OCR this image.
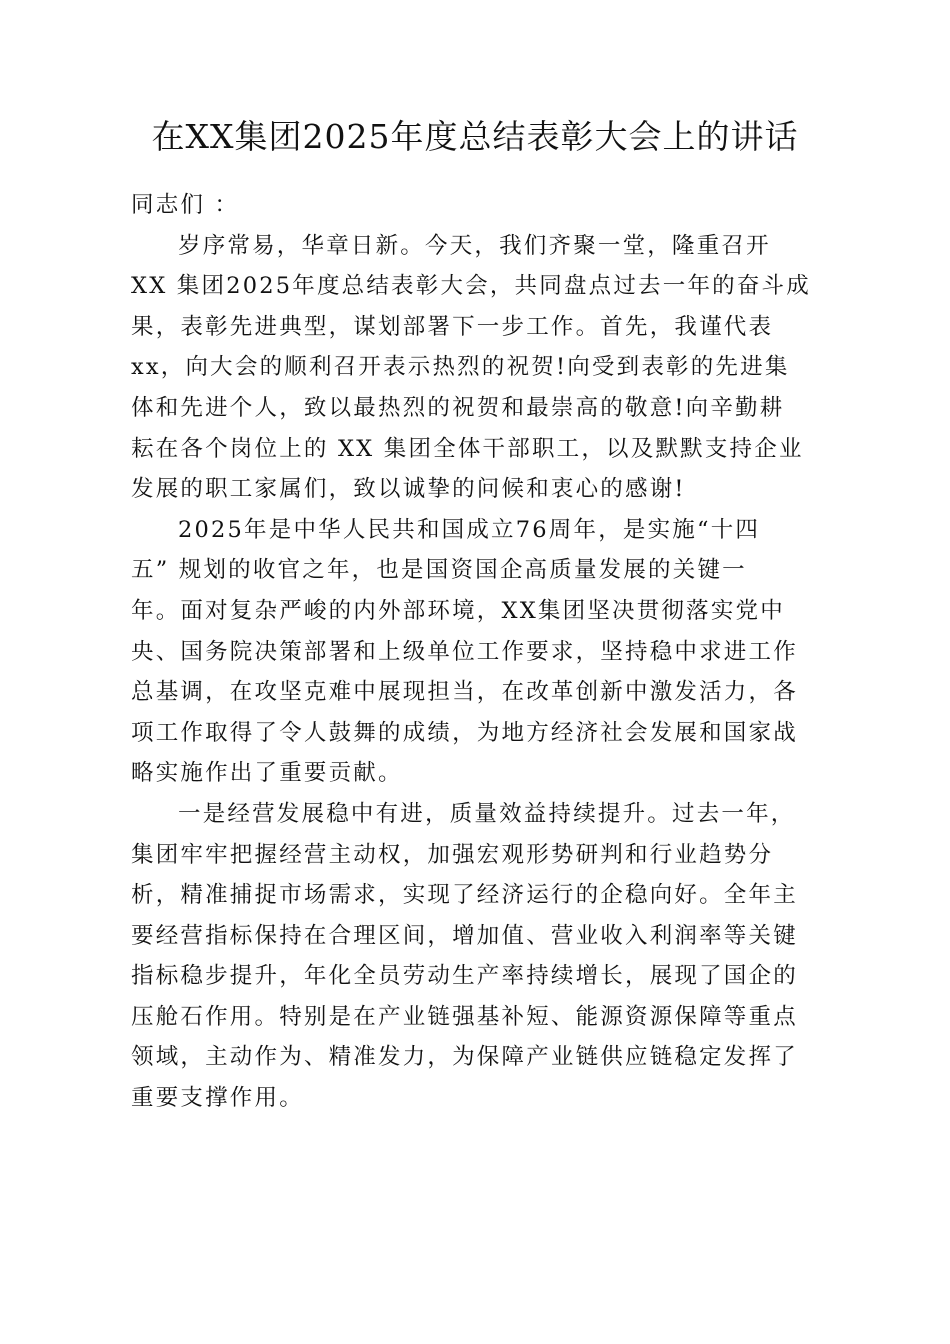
在XX集团2025年度总结表彰大会上的讲话
同志们 ：
岁序常易，华章日新。今天，我们齐聚一堂，隆重召开
XX 集团2025年度总结表彰大会，共同盘点过去一年的奋斗成
果，表彰先进典型，谋划部署下一步工作。首先，我谨代表
xx，向大会的顺利召开表示热烈的祝贺!向受到表彰的先进集
体和先进个人，致以最热烈的祝贺和最崇高的敬意!向辛勤耕
耘在各个岗位上的 XX 集团全体干部职工，以及默默支持企业
发展的职工家属们，致以诚挚的问候和衷心的感谢!
2025年是中华人民共和国成立76周年，是实施“十四
五” 规划的收官之年，也是国资国企高质量发展的关键一
年。面对复杂严峻的内外部环境，XX集团坚决贯彻落实党中
央、国务院决策部署和上级单位工作要求，坚持稳中求进工作
总基调，在攻坚克难中展现担当，在改革创新中激发活力，各
项工作取得了令人鼓舞的成绩，为地方经济社会发展和国家战
略实施作出了重要贡献。
一是经营发展稳中有进，质量效益持续提升。过去一年，
集团牢牢把握经营主动权，加强宏观形势研判和行业趋势分
析，精准捕捉市场需求，实现了经济运行的企稳向好。全年主
要经营指标保持在合理区间，增加值、营业收入利润率等关键
指标稳步提升，年化全员劳动生产率持续增长，展现了国企的
压舱石作用。特别是在产业链强基补短、能源资源保障等重点
领域，主动作为、精准发力，为保障产业链供应链稳定发挥了
重要支撑作用。
